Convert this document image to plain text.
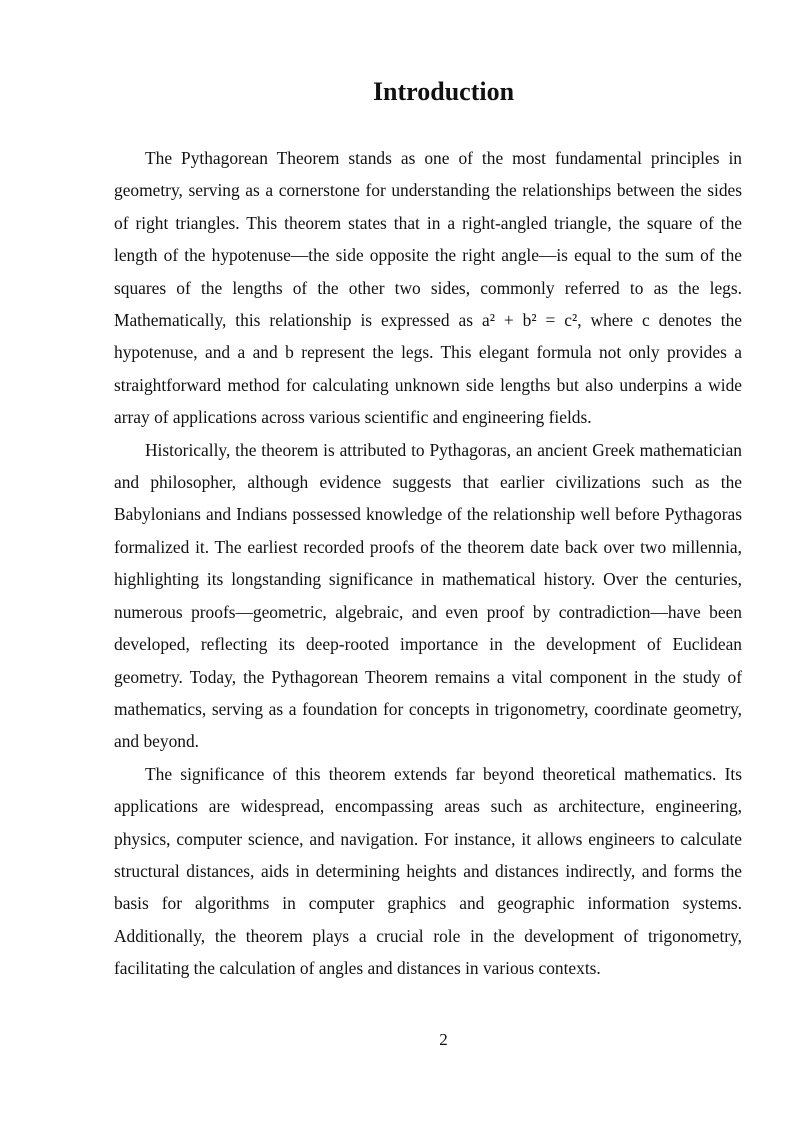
Introduction

The Pythagorean Theorem stands as one of the most fundamental principles in geometry, serving as a cornerstone for understanding the relationships between the sides of right triangles. This theorem states that in a right-angled triangle, the square of the length of the hypotenuse—the side opposite the right angle—is equal to the sum of the squares of the lengths of the other two sides, commonly referred to as the legs. Mathematically, this relationship is expressed as a² + b² = c², where c denotes the hypotenuse, and a and b represent the legs. This elegant formula not only provides a straightforward method for calculating unknown side lengths but also underpins a wide array of applications across various scientific and engineering fields.

Historically, the theorem is attributed to Pythagoras, an ancient Greek mathematician and philosopher, although evidence suggests that earlier civilizations such as the Babylonians and Indians possessed knowledge of the relationship well before Pythagoras formalized it. The earliest recorded proofs of the theorem date back over two millennia, highlighting its longstanding significance in mathematical history. Over the centuries, numerous proofs—geometric, algebraic, and even proof by contradiction—have been developed, reflecting its deep-rooted importance in the development of Euclidean geometry. Today, the Pythagorean Theorem remains a vital component in the study of mathematics, serving as a foundation for concepts in trigonometry, coordinate geometry, and beyond.

The significance of this theorem extends far beyond theoretical mathematics. Its applications are widespread, encompassing areas such as architecture, engineering, physics, computer science, and navigation. For instance, it allows engineers to calculate structural distances, aids in determining heights and distances indirectly, and forms the basis for algorithms in computer graphics and geographic information systems. Additionally, the theorem plays a crucial role in the development of trigonometry, facilitating the calculation of angles and distances in various contexts.

2
